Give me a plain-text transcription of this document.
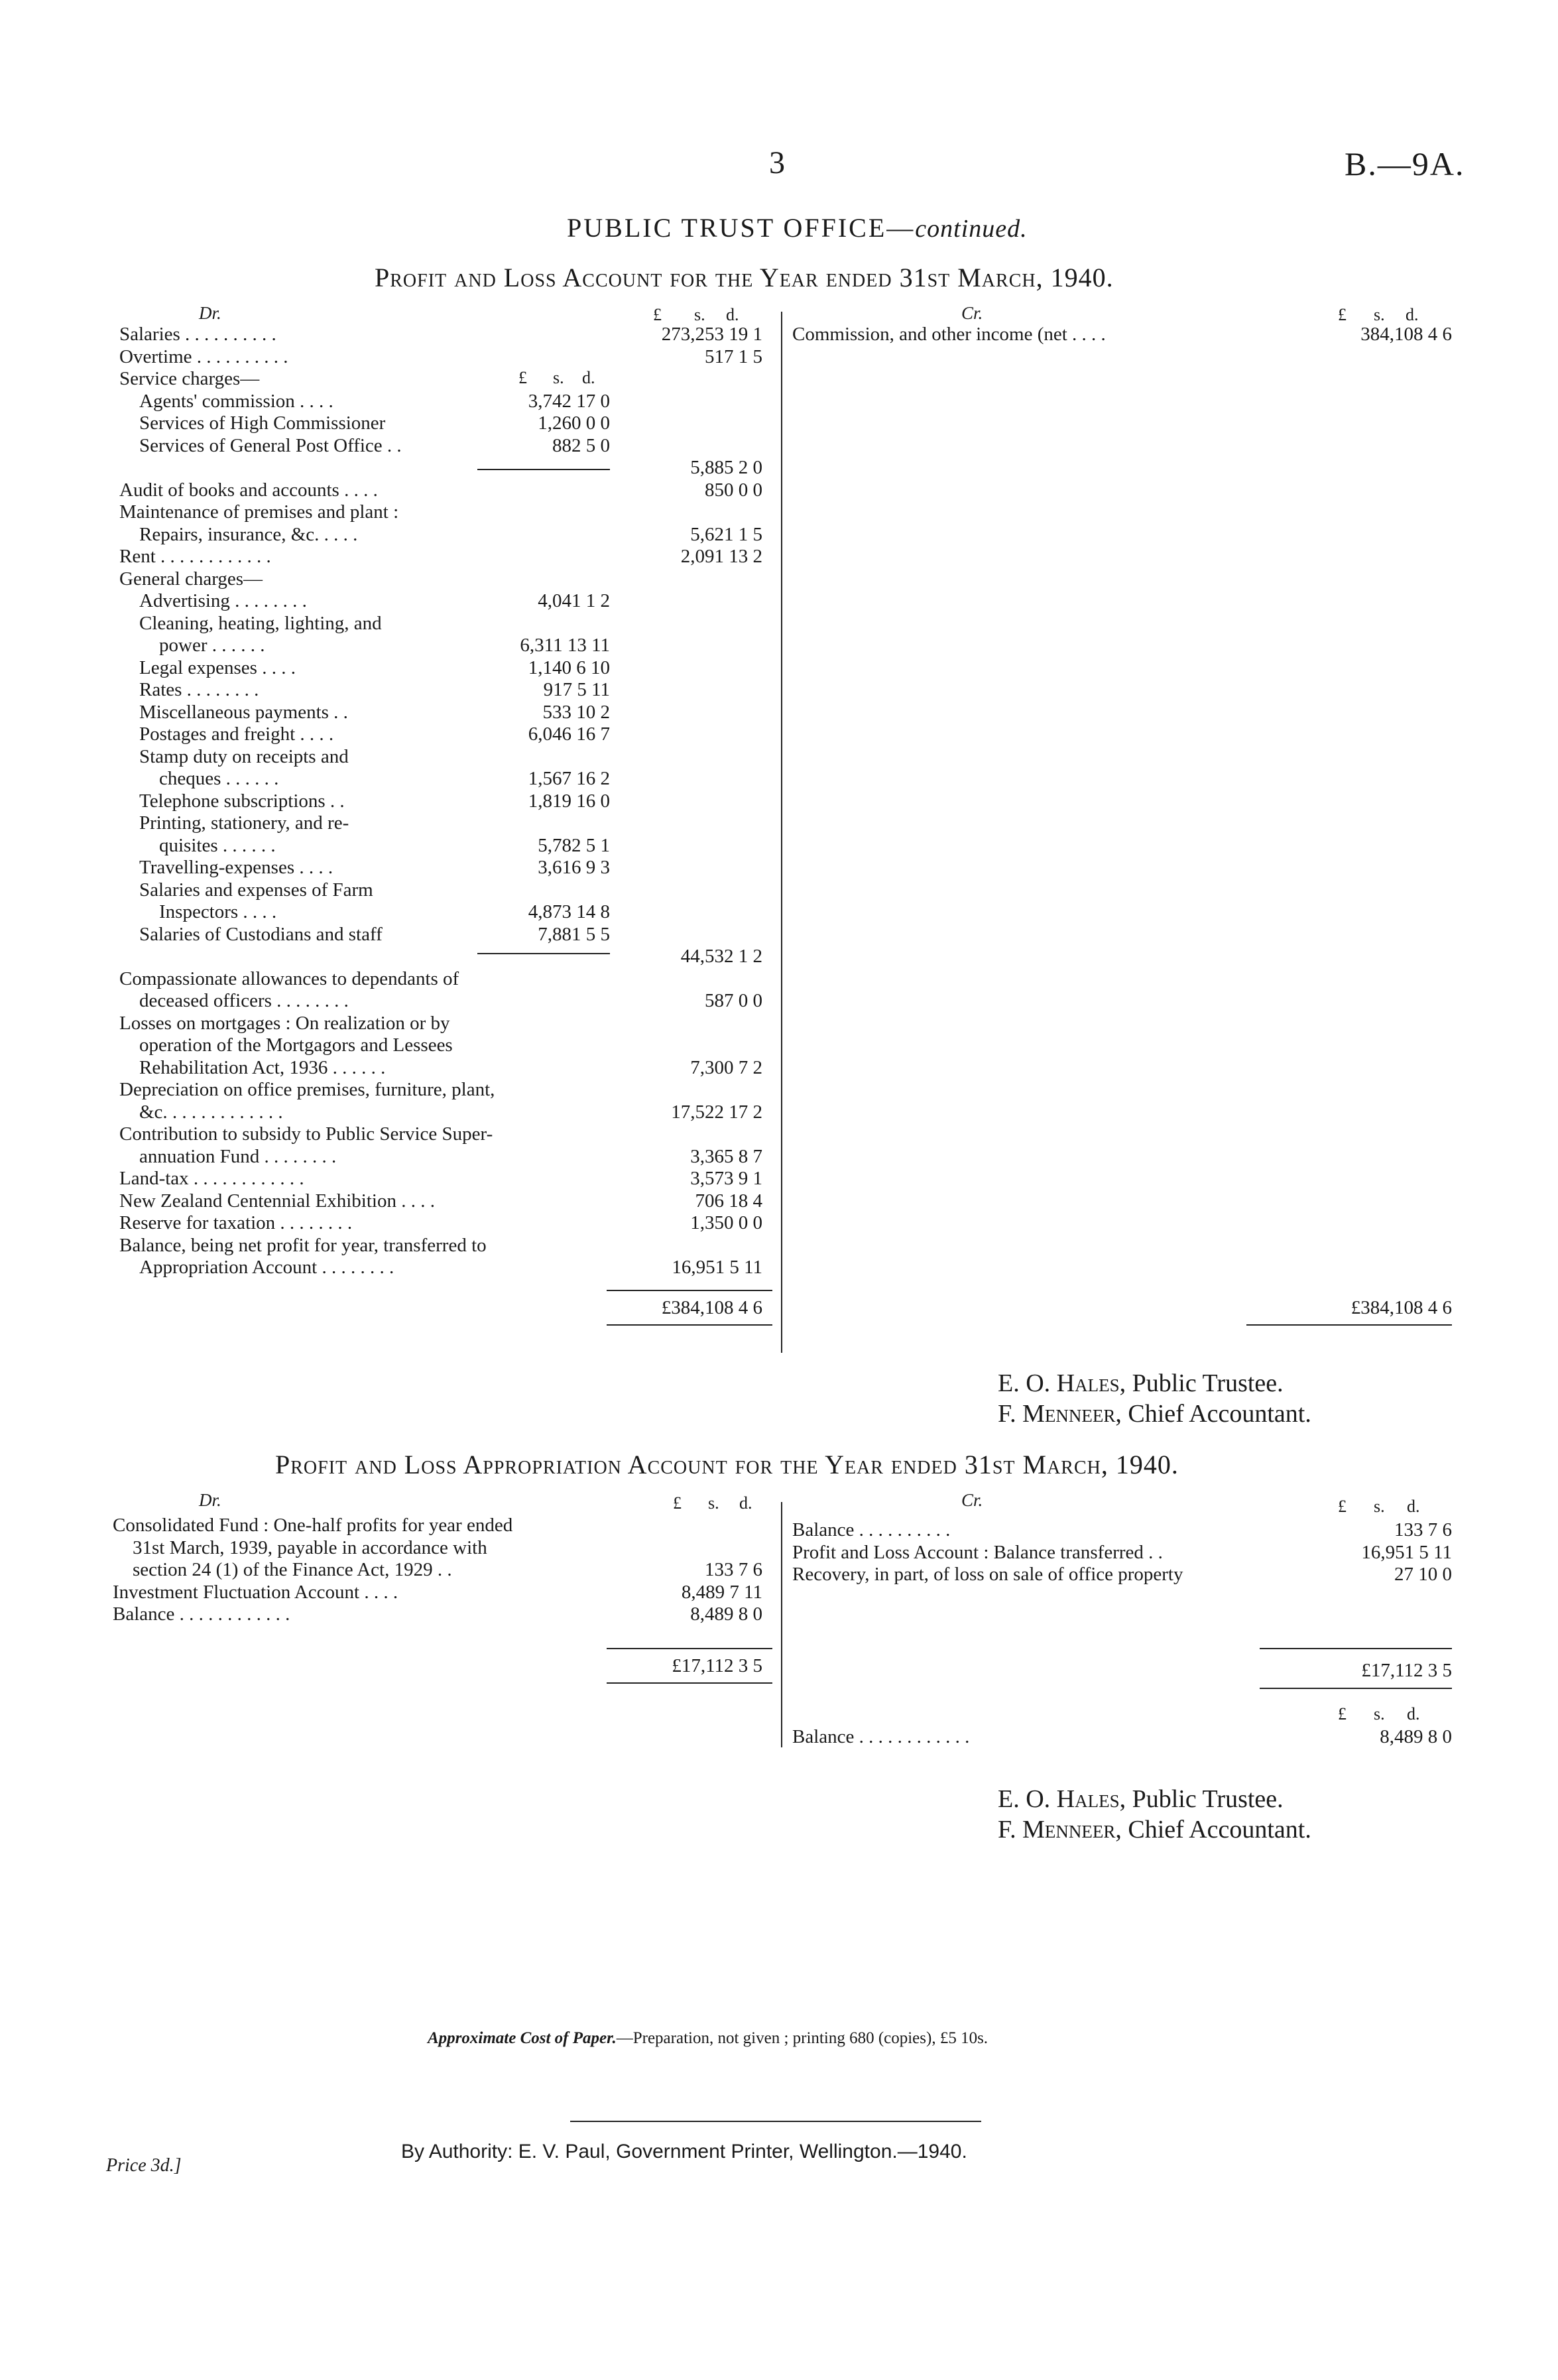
3	B.—9A.
PUBLIC TRUST OFFICE—continued.
Profit and Loss Account for the Year ended 31st March, 1940.
Dr.	£ s. d.
£ s. d.
Cr.	£ s. d.
Salaries . . . . . . . . . .	273,253 19 1
Overtime . . . . . . . . . .	517 1 5
Service charges—
Agents' commission . . . .	3,742 17 0
Services of High Commissioner	1,260 0 0
Services of General Post Office . .	882 5 0
5,885 2 0
Audit of books and accounts . . . .	850 0 0
Maintenance of premises and plant :
Repairs, insurance, &c. . . . .	5,621 1 5
Rent . . . . . . . . . . . .	2,091 13 2
General charges—
Advertising . . . . . . . .	4,041 1 2
Cleaning, heating, lighting, and
power . . . . . .	6,311 13 11
Legal expenses . . . .	1,140 6 10
Rates . . . . . . . .	917 5 11
Miscellaneous payments . .	533 10 2
Postages and freight . . . .	6,046 16 7
Stamp duty on receipts and
cheques . . . . . .	1,567 16 2
Telephone subscriptions . .	1,819 16 0
Printing, stationery, and re-
quisites . . . . . .	5,782 5 1
Travelling-expenses . . . .	3,616 9 3
Salaries and expenses of Farm
Inspectors . . . .	4,873 14 8
Salaries of Custodians and staff	7,881 5 5
44,532 1 2
Compassionate allowances to dependants of
deceased officers . . . . . . . .	587 0 0
Losses on mortgages : On realization or by
operation of the Mortgagors and Lessees
Rehabilitation Act, 1936 . . . . . .	7,300 7 2
Depreciation on office premises, furniture, plant,
&c. . . . . . . . . . . . .	17,522 17 2
Contribution to subsidy to Public Service Super-
annuation Fund . . . . . . . .	3,365 8 7
Land-tax . . . . . . . . . . . .	3,573 9 1
New Zealand Centennial Exhibition . . . .	706 18 4
Reserve for taxation . . . . . . . .	1,350 0 0
Balance, being net profit for year, transferred to
Appropriation Account . . . . . . . .	16,951 5 11
Commission, and other income (net . . . .	384,108 4 6
£384,108 4 6	£384,108 4 6
E. O. Hales, Public Trustee.
F. Menneer, Chief Accountant.
Profit and Loss Appropriation Account for the Year ended 31st March, 1940.
Dr.	£ s. d.	Cr.	£ s. d.
Consolidated Fund : One-half profits for year ended
31st March, 1939, payable in accordance with
section 24 (1) of the Finance Act, 1929 . .	133 7 6
Investment Fluctuation Account . . . .	8,489 7 11
Balance . . . . . . . . . . . .	8,489 8 0
Balance . . . . . . . . . .	133 7 6
Profit and Loss Account : Balance transferred . .	16,951 5 11
Recovery, in part, of loss on sale of office property	27 10 0
£17,112 3 5	£17,112 3 5
£ s. d.
Balance . . . . . . . . . . . .	8,489 8 0
E. O. Hales, Public Trustee.
F. Menneer, Chief Accountant.
Approximate Cost of Paper.—Preparation, not given ; printing 680 (copies), £5 10s.
By Authority: E. V. Paul, Government Printer, Wellington.—1940.
Price 3d.]
